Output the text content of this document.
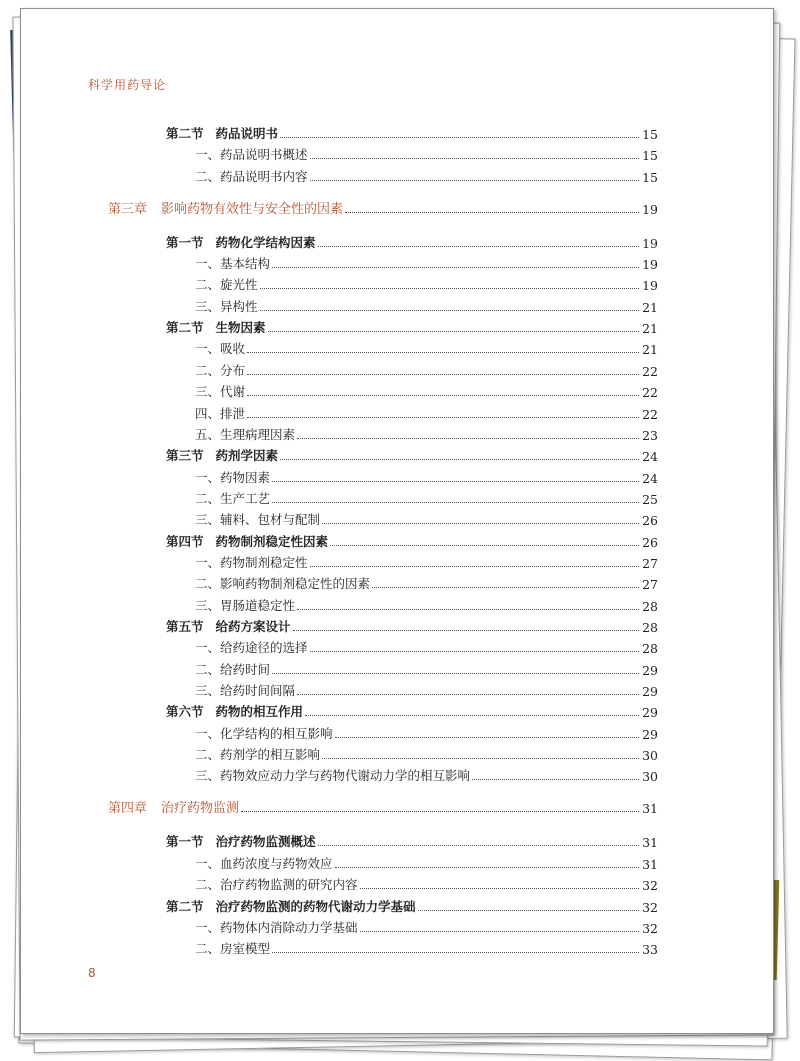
科学用药导论
第二节 药品说明书	15
一、药品说明书概述	15
二、药品说明书内容	15
第三章 影响药物有效性与安全性的因素	19
第一节 药物化学结构因素	19
一、基本结构	19
二、旋光性	19
三、异构性	21
第二节 生物因素	21
一、吸收	21
二、分布	22
三、代谢	22
四、排泄	22
五、生理病理因素	23
第三节 药剂学因素	24
一、药物因素	24
二、生产工艺	25
三、辅料、包材与配制	26
第四节 药物制剂稳定性因素	26
一、药物制剂稳定性	27
二、影响药物制剂稳定性的因素	27
三、胃肠道稳定性	28
第五节 给药方案设计	28
一、给药途径的选择	28
二、给药时间	29
三、给药时间间隔	29
第六节 药物的相互作用	29
一、化学结构的相互影响	29
二、药剂学的相互影响	30
三、药物效应动力学与药物代谢动力学的相互影响	30
第四章 治疗药物监测	31
第一节 治疗药物监测概述	31
一、血药浓度与药物效应	31
二、治疗药物监测的研究内容	32
第二节 治疗药物监测的药物代谢动力学基础	32
一、药物体内消除动力学基础	32
二、房室模型	33
8
